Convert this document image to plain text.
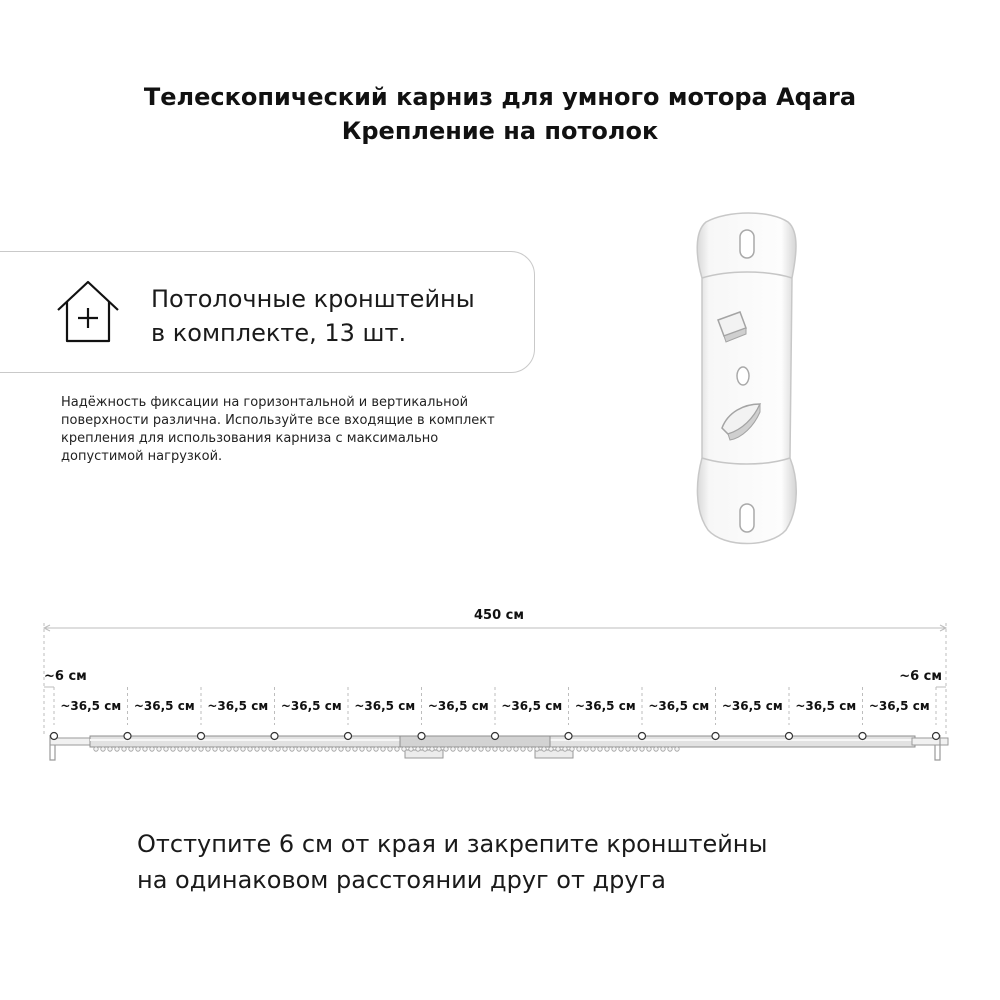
Телескопический карниз для умного мотора Aqara
Крепление на потолок
Потолочные кронштейны
в комплекте, 13 шт.
Надёжность фиксации на горизонтальной и вертикальной
поверхности различна. Используйте все входящие в комплект
крепления для использования карниза с максимально
допустимой нагрузкой.
450 см
~6 см	~6 см
~36,5 см ~36,5 см ~36,5 см ~36,5 см ~36,5 см ~36,5 см ~36,5 см ~36,5 см ~36,5 см ~36,5 см ~36,5 см ~36,5 см
Отступите 6 см от края и закрепите кронштейны
на одинаковом расстоянии друг от друга
